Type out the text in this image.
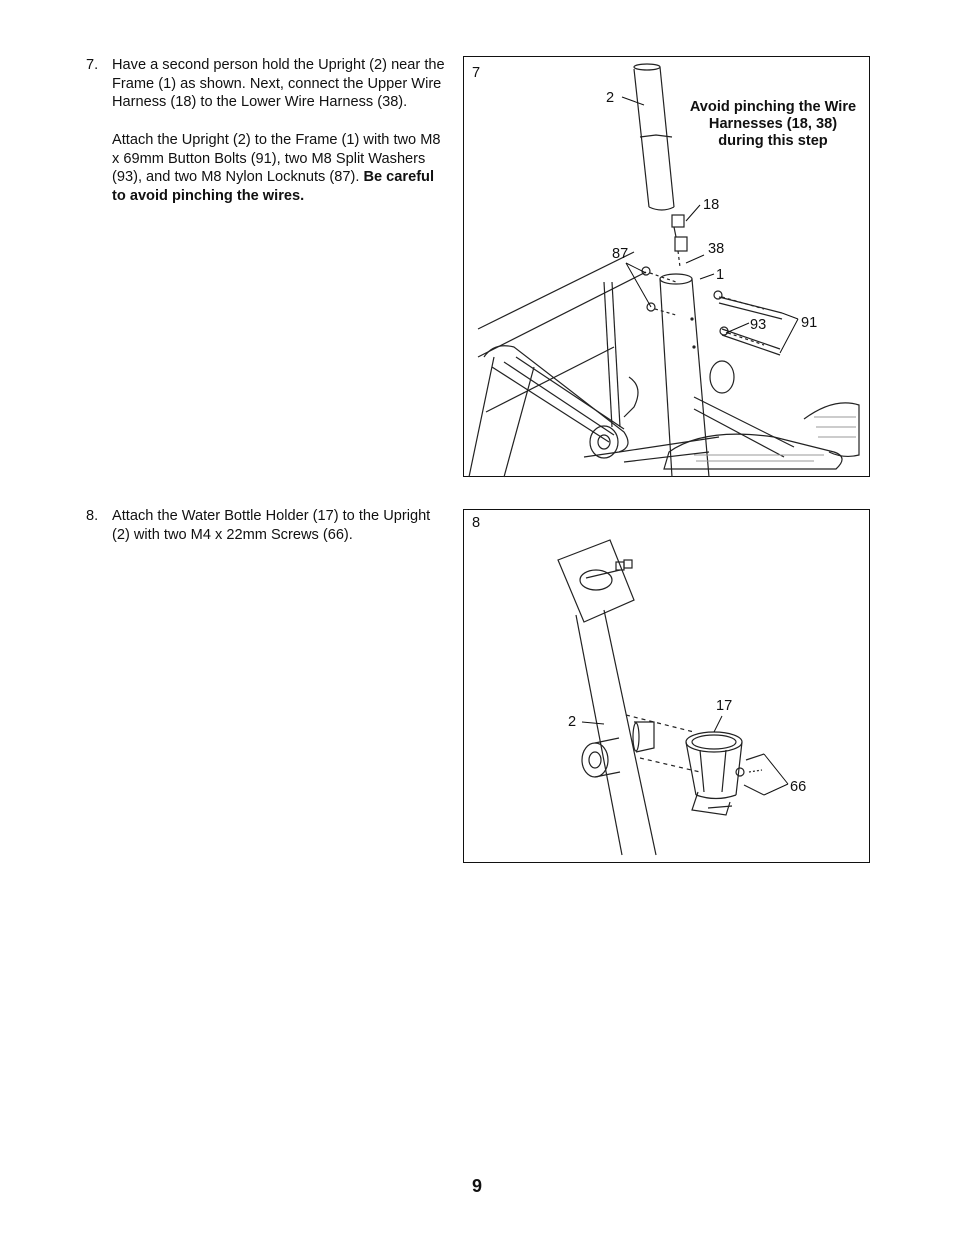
7. Have a second person hold the Upright (2) near the Frame (1) as shown. Next, connect the Upper Wire Harness (18) to the Lower Wire Harness (38).

Attach the Upright (2) to the Frame (1) with two M8 x 69mm Button Bolts (91), two M8 Split Washers (93), and two M8 Nylon Locknuts (87). Be careful to avoid pinching the wires.

8. Attach the Water Bottle Holder (17) to the Upright (2) with two M4 x 22mm Screws (66).

7
Avoid pinching the Wire Harnesses (18, 38) during this step
2
18
38
87
1
93 91
8
17
2
66
9
